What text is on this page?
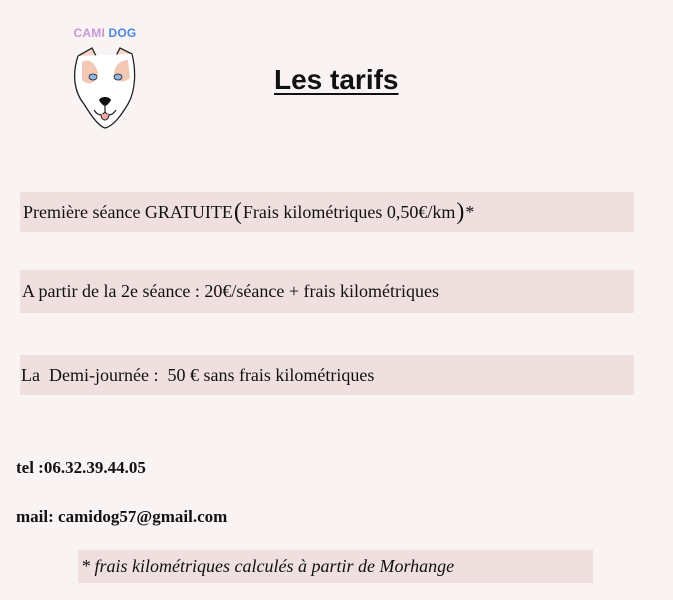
CAMI DOG
Les tarifs
Première séance GRATUITE ( Frais kilométriques 0,50€/km ) *
A partir de la 2e séance : 20€/séance + frais kilométriques
La  Demi-journée :  50 € sans frais kilométriques
tel :06.32.39.44.05
mail: camidog57@gmail.com
* frais kilométriques calculés à partir de Morhange
